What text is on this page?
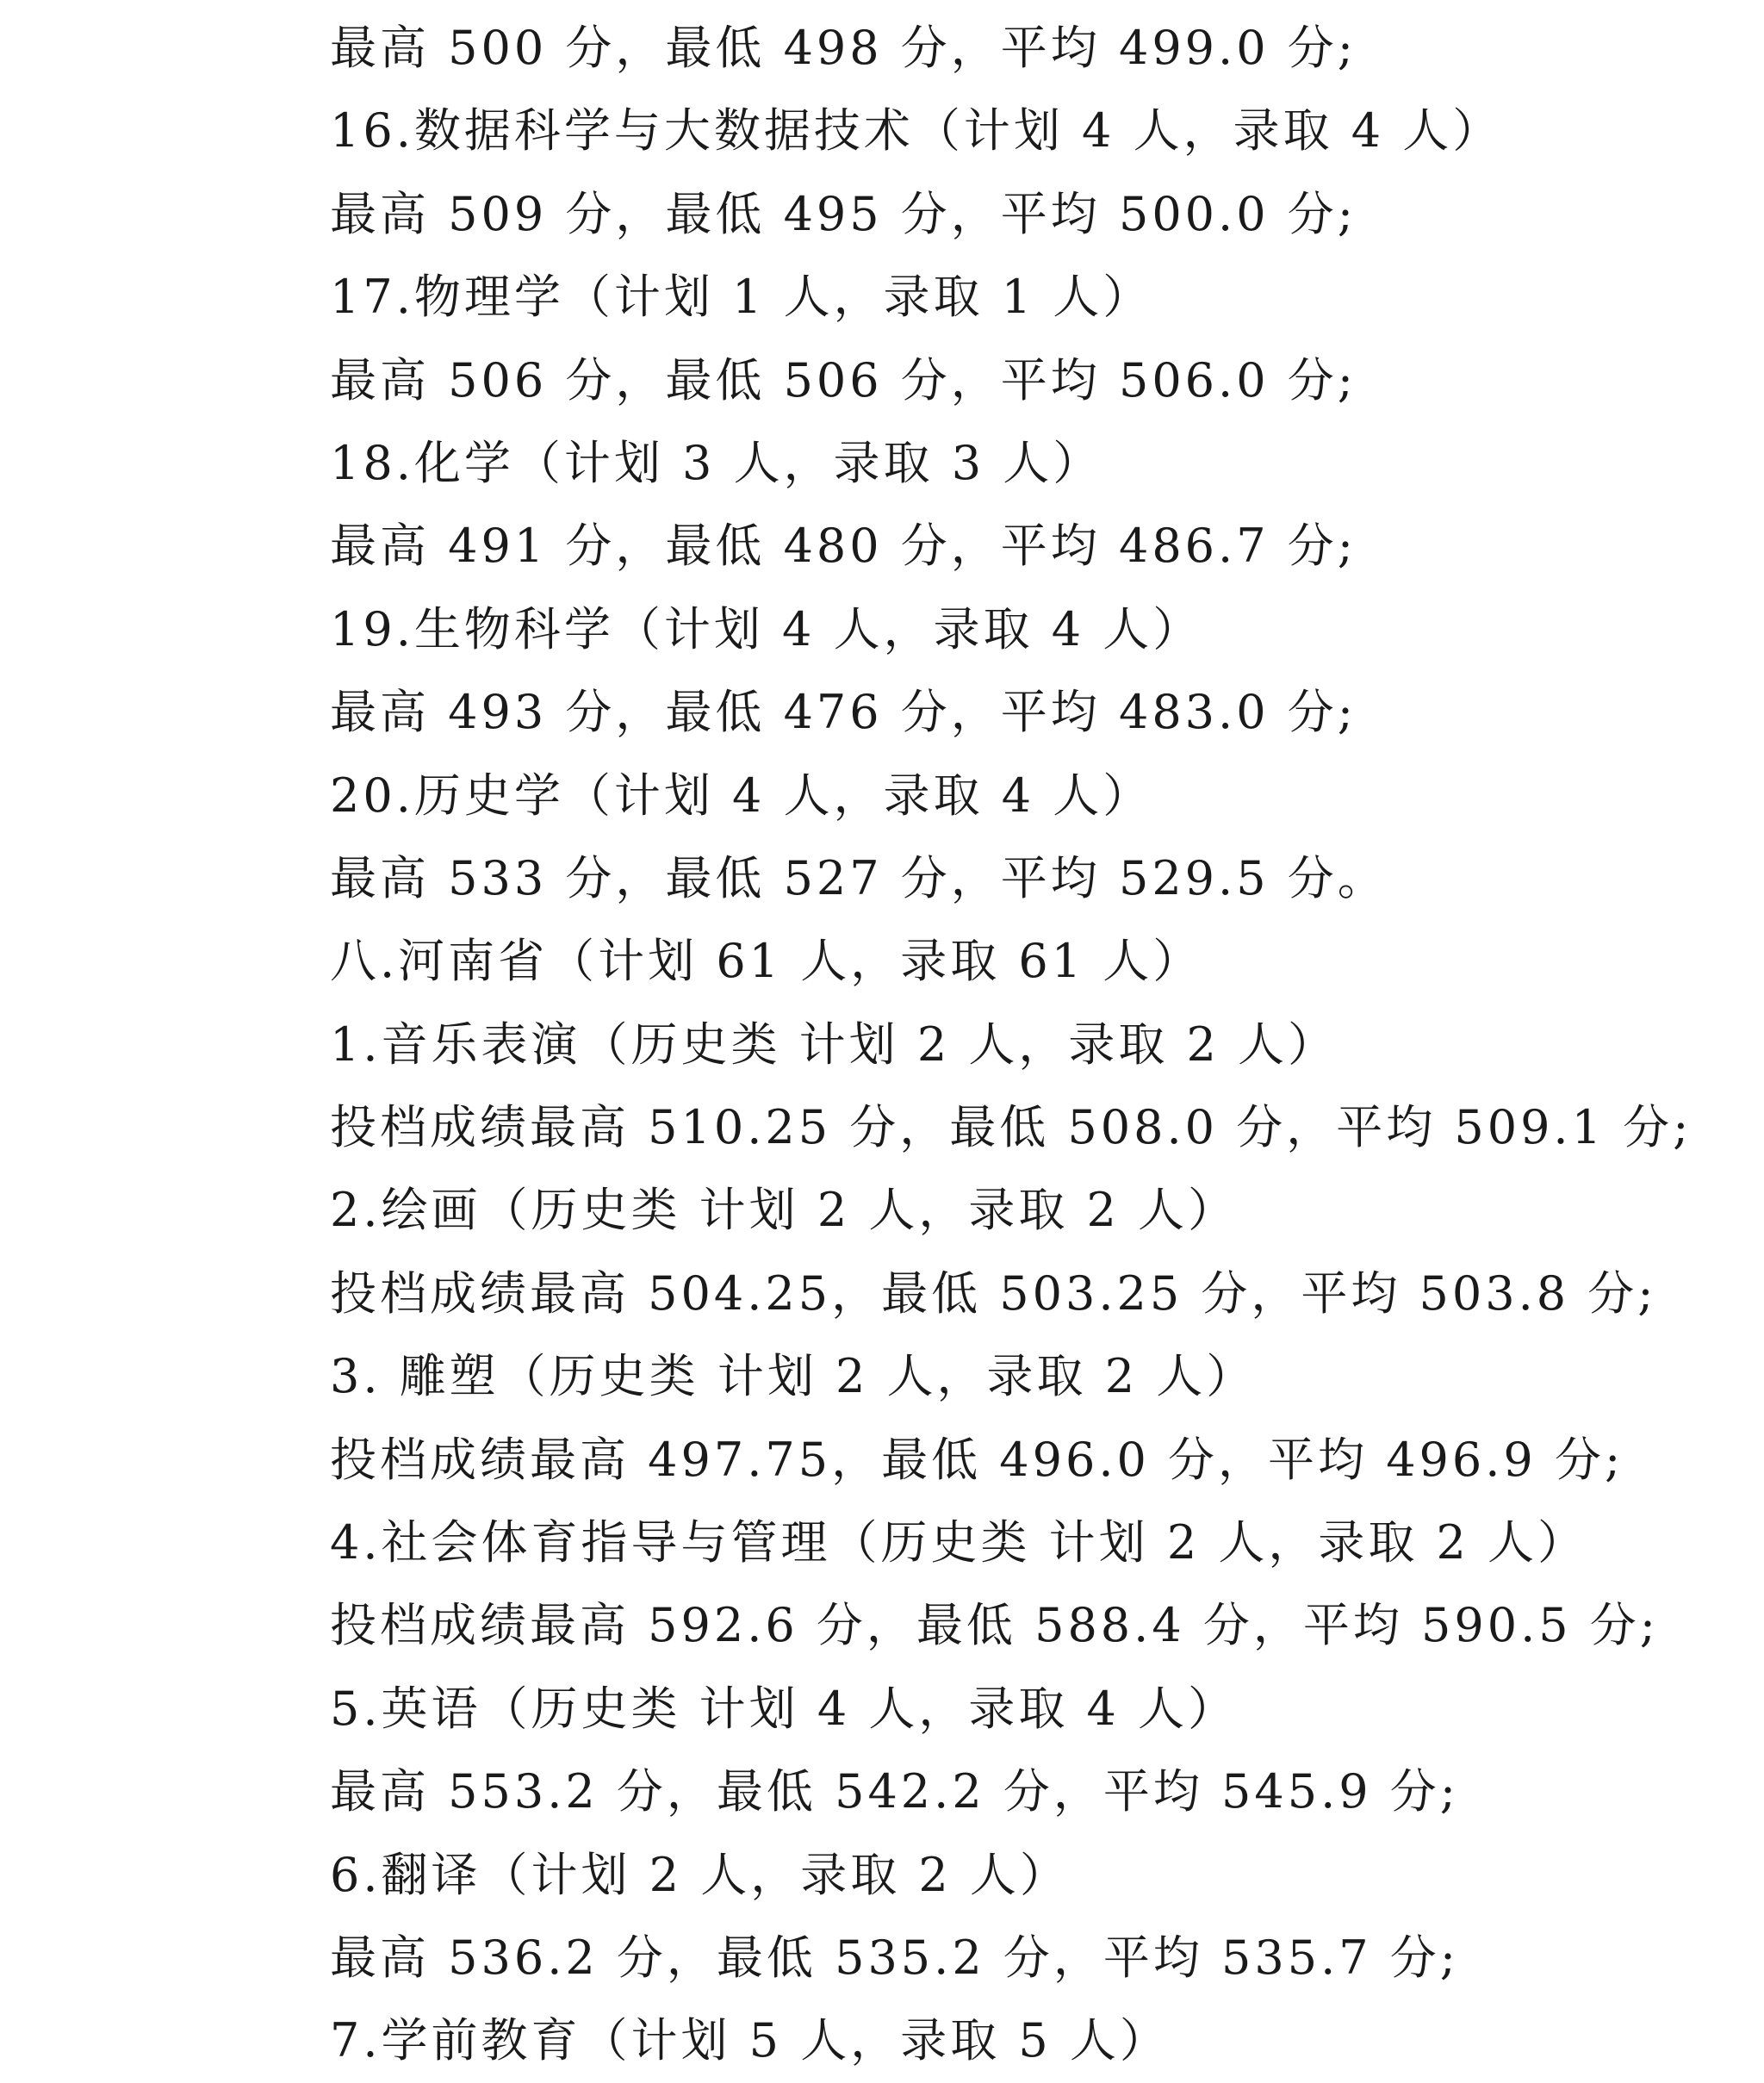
最高 500 分，最低 498 分，平均 499.0 分;
16.数据科学与大数据技术（计划 4 人，录取 4 人）
最高 509 分，最低 495 分，平均 500.0 分;
17.物理学（计划 1 人，录取 1 人）
最高 506 分，最低 506 分，平均 506.0 分;
18.化学（计划 3 人，录取 3 人）
最高 491 分，最低 480 分，平均 486.7 分;
19.生物科学（计划 4 人，录取 4 人）
最高 493 分，最低 476 分，平均 483.0 分;
20.历史学（计划 4 人，录取 4 人）
最高 533 分，最低 527 分，平均 529.5 分。
八.河南省（计划 61 人，录取 61 人）
1.音乐表演（历史类 计划 2 人，录取 2 人）
投档成绩最高 510.25 分，最低 508.0 分，平均 509.1 分;
2.绘画（历史类 计划 2 人，录取 2 人）
投档成绩最高 504.25，最低 503.25 分，平均 503.8 分;
3. 雕塑（历史类 计划 2 人，录取 2 人）
投档成绩最高 497.75，最低 496.0 分，平均 496.9 分;
4.社会体育指导与管理（历史类 计划 2 人，录取 2 人）
投档成绩最高 592.6 分，最低 588.4 分，平均 590.5 分;
5.英语（历史类 计划 4 人，录取 4 人）
最高 553.2 分，最低 542.2 分，平均 545.9 分;
6.翻译（计划 2 人，录取 2 人）
最高 536.2 分，最低 535.2 分，平均 535.7 分;
7.学前教育（计划 5 人，录取 5 人）
